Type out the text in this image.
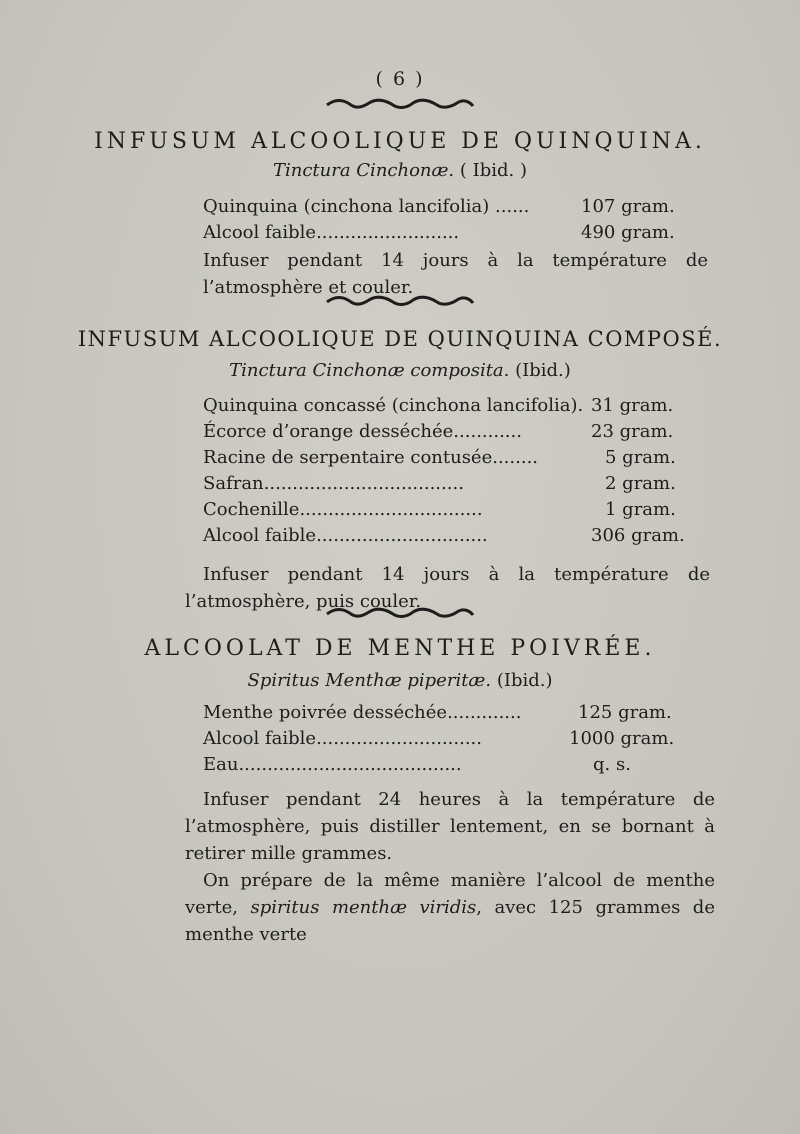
( 6 )
INFUSUM ALCOOLIQUE DE QUINQUINA.
Tinctura Cinchonæ. ( Ibid. )
Quinquina (cinchona lancifolia) ......	107 gram.
Alcool faible.........................	490 gram.
Infuser pendant 14 jours à la température de l’atmosphère et couler.
INFUSUM ALCOOLIQUE DE QUINQUINA COMPOSÉ.
Tinctura Cinchonæ composita. (Ibid.)
Quinquina concassé (cinchona lancifolia). 31 gram.
Écorce d’orange desséchée............	23 gram.
Racine de serpentaire contusée........	5 gram.
Safran...................................	2 gram.
Cochenille................................	1 gram.
Alcool faible..............................	306 gram.
Infuser pendant 14 jours à la température de l’atmosphère, puis couler.
ALCOOLAT DE MENTHE POIVRÉE.
Spiritus Menthæ piperitæ. (Ibid.)
Menthe poivrée desséchée.............	125 gram.
Alcool faible.............................	1000 gram.
Eau.......................................	q. s.
Infuser pendant 24 heures à la température de l’atmosphère, puis distiller lentement, en se bornant à retirer mille grammes.
On prépare de la même manière l’alcool de menthe verte, spiritus menthæ viridis, avec 125 grammes de menthe verte
